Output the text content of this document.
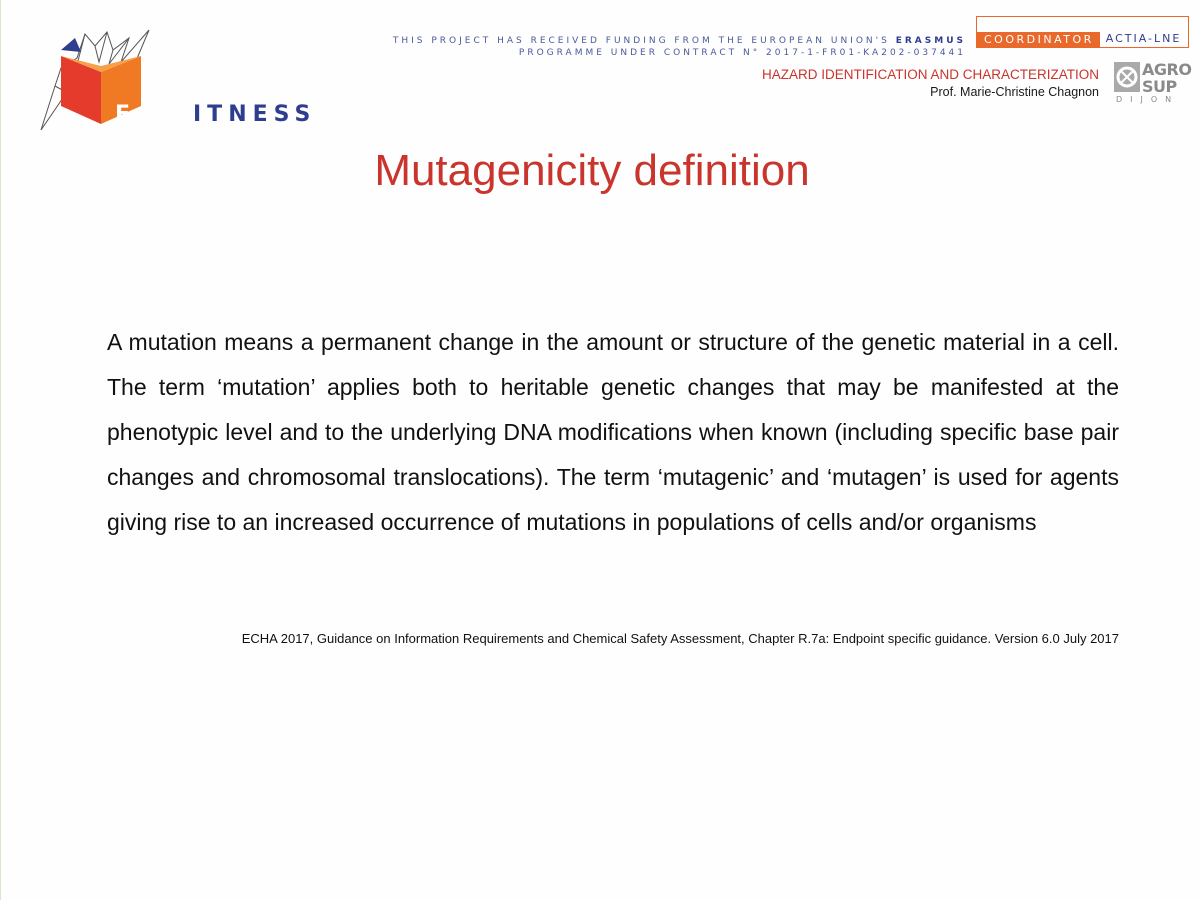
F	ITNESS
THIS PROJECT HAS RECEIVED FUNDING FROM THE EUROPEAN UNION'S ERASMUS
PROGRAMME UNDER CONTRACT N° 2017-1-FR01-KA202-037441
COORDINATOR	ACTIA-LNE
HAZARD IDENTIFICATION AND CHARACTERIZATION
Prof. Marie-Christine Chagnon
AGRO
SUP
DIJON
Mutagenicity definition

A mutation means a permanent change in the amount or structure of the genetic material in a cell. The term ‘mutation’ applies both to heritable genetic changes that may be manifested at the phenotypic level and to the underlying DNA modifications when known (including specific base pair changes and chromosomal translocations). The term ‘mutagenic’ and ‘mutagen’ is used for agents giving rise to an increased occurrence of mutations in populations of cells and/or organisms

ECHA 2017, Guidance on Information Requirements and Chemical Safety Assessment, Chapter R.7a: Endpoint specific guidance. Version 6.0 July 2017
